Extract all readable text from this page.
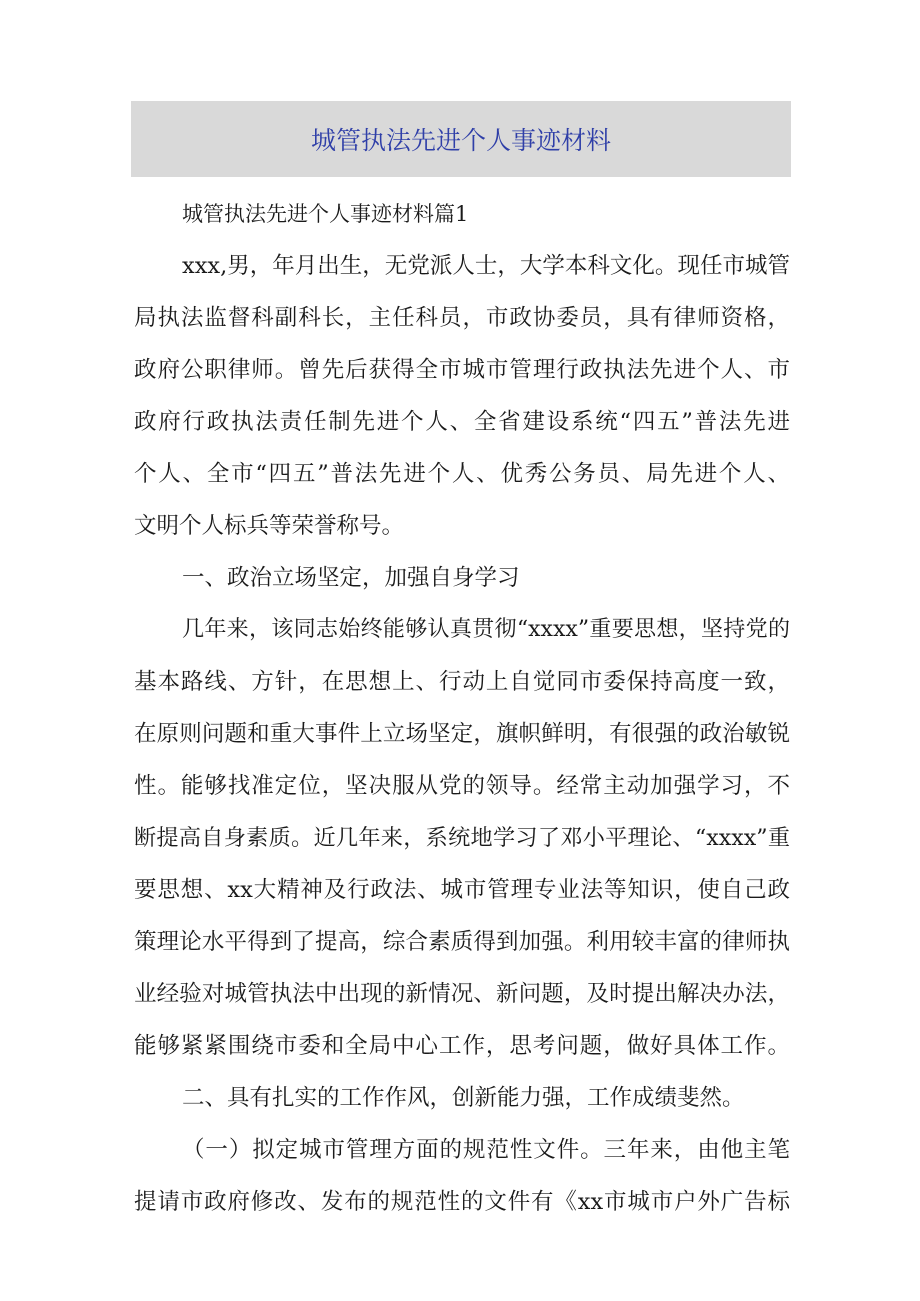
城管执法先进个人事迹材料
城管执法先进个人事迹材料篇1
xxx,男，年月出生，无党派人士，大学本科文化。现任市城管
局执法监督科副科长，主任科员，市政协委员，具有律师资格，
政府公职律师。曾先后获得全市城市管理行政执法先进个人、市
政府行政执法责任制先进个人、全省建设系统“四五”普法先进
个人、全市“四五”普法先进个人、优秀公务员、局先进个人、
文明个人标兵等荣誉称号。
一、政治立场坚定，加强自身学习
几年来，该同志始终能够认真贯彻“xxxx”重要思想，坚持党的
基本路线、方针，在思想上、行动上自觉同市委保持高度一致，
在原则问题和重大事件上立场坚定，旗帜鲜明，有很强的政治敏锐
性。能够找准定位，坚决服从党的领导。经常主动加强学习，不
断提高自身素质。近几年来，系统地学习了邓小平理论、“xxxx”重
要思想、xx大精神及行政法、城市管理专业法等知识，使自己政
策理论水平得到了提高，综合素质得到加强。利用较丰富的律师执
业经验对城管执法中出现的新情况、新问题，及时提出解决办法，
能够紧紧围绕市委和全局中心工作，思考问题，做好具体工作。
二、具有扎实的工作作风，创新能力强，工作成绩斐然。
（一）拟定城市管理方面的规范性文件。三年来，由他主笔
提请市政府修改、发布的规范性的文件有《xx市城市户外广告标
